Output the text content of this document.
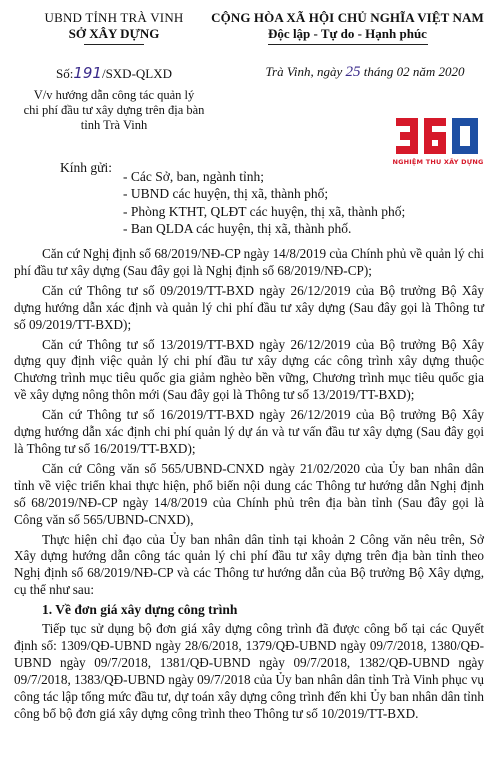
UBND TỈNH TRÀ VINH
SỞ XÂY DỰNG
CỘNG HÒA XÃ HỘI CHỦ NGHĨA VIỆT NAM
Độc lập - Tự do - Hạnh phúc
Số:191/SXD-QLXD	Trà Vinh, ngày 25 tháng 02 năm 2020
V/v hướng dẫn công tác quản lý
chi phí đầu tư xây dựng trên địa bàn
tỉnh Trà Vinh
NGHIỆM THU XÂY DỰNG
Kính gửi:
- Các Sở, ban, ngành tỉnh;
- UBND các huyện, thị xã, thành phố;
- Phòng KTHT, QLĐT các huyện, thị xã, thành phố;
- Ban QLDA các huyện, thị xã, thành phố.

Căn cứ Nghị định số 68/2019/NĐ-CP ngày 14/8/2019 của Chính phủ về quản lý chi phí đầu tư xây dựng (Sau đây gọi là Nghị định số 68/2019/NĐ-CP);

Căn cứ Thông tư số 09/2019/TT-BXD ngày 26/12/2019 của Bộ trưởng Bộ Xây dựng hướng dẫn xác định và quản lý chi phí đầu tư xây dựng (Sau đây gọi là Thông tư số 09/2019/TT-BXD);

Căn cứ Thông tư số 13/2019/TT-BXD ngày 26/12/2019 của Bộ trưởng Bộ Xây dựng quy định việc quản lý chi phí đầu tư xây dựng các công trình xây dựng thuộc Chương trình mục tiêu quốc gia giảm nghèo bền vững, Chương trình mục tiêu quốc gia về xây dựng nông thôn mới (Sau đây gọi là Thông tư số 13/2019/TT-BXD);

Căn cứ Thông tư số 16/2019/TT-BXD ngày 26/12/2019 của Bộ trưởng Bộ Xây dựng hướng dẫn xác định chi phí quản lý dự án và tư vấn đầu tư xây dựng (Sau đây gọi là Thông tư số 16/2019/TT-BXD);

Căn cứ Công văn số 565/UBND-CNXD ngày 21/02/2020 của Ủy ban nhân dân tỉnh về việc triển khai thực hiện, phổ biến nội dung các Thông tư hướng dẫn Nghị định số 68/2019/NĐ-CP ngày 14/8/2019 của Chính phủ trên địa bàn tỉnh (Sau đây gọi là Công văn số 565/UBND-CNXD),

Thực hiện chỉ đạo của Ủy ban nhân dân tỉnh tại khoản 2 Công văn nêu trên, Sở Xây dựng hướng dẫn công tác quản lý chi phí đầu tư xây dựng trên địa bàn tỉnh theo Nghị định số 68/2019/NĐ-CP và các Thông tư hướng dẫn của Bộ trưởng Bộ Xây dựng, cụ thể như sau:

1. Về đơn giá xây dựng công trình

Tiếp tục sử dụng bộ đơn giá xây dựng công trình đã được công bố tại các Quyết định số: 1309/QĐ-UBND ngày 28/6/2018, 1379/QĐ-UBND ngày 09/7/2018, 1380/QĐ-UBND ngày 09/7/2018, 1381/QĐ-UBND ngày 09/7/2018, 1382/QĐ-UBND ngày 09/7/2018, 1383/QĐ-UBND ngày 09/7/2018 của Ủy ban nhân dân tỉnh Trà Vinh phục vụ công tác lập tổng mức đầu tư, dự toán xây dựng công trình đến khi Ủy ban nhân dân tỉnh công bố bộ đơn giá xây dựng công trình theo Thông tư số 10/2019/TT-BXD.
